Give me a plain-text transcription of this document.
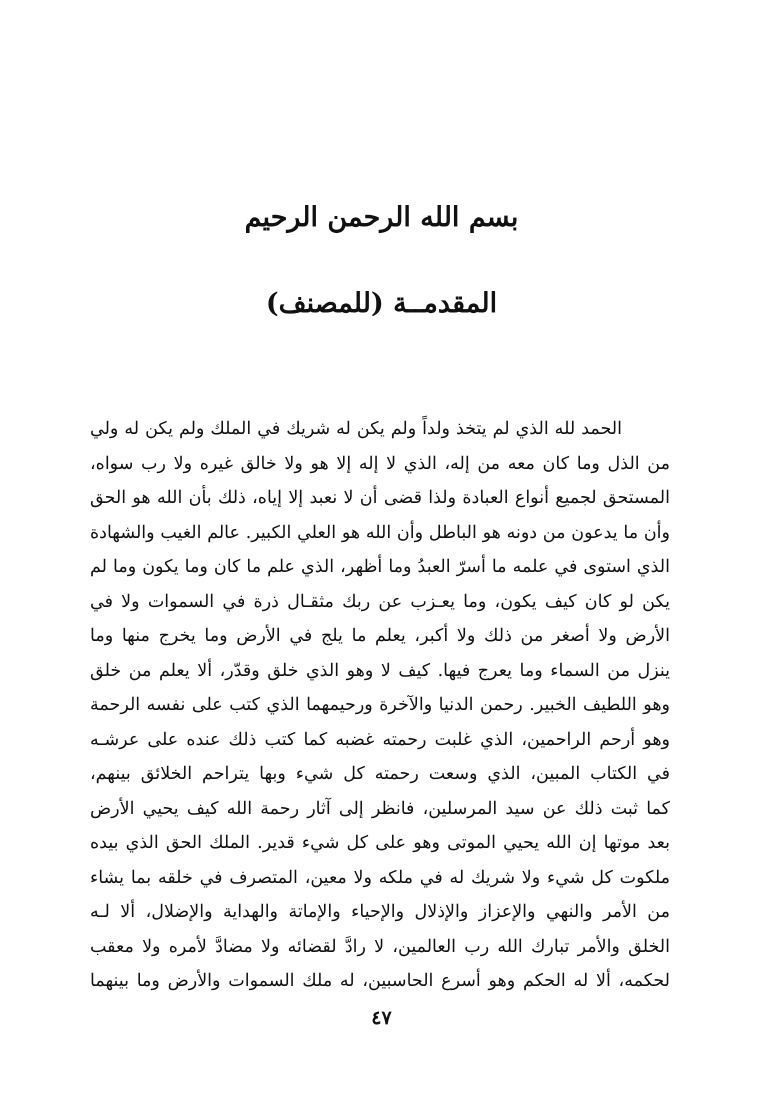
بسم الله الرحمن الرحيم
المقدمــة (للمصنف)
الحمد لله الذي لم يتخذ ولداً ولم يكن له شريك في الملك ولم يكن له ولي
من الذل وما كان معه من إله، الذي لا إله إلا هو ولا خالق غيره ولا رب سواه،
المستحق لجميع أنواع العبادة ولذا قضى أن لا نعبد إلا إياه، ذلك بأن الله هو الحق
وأن ما يدعون من دونه هو الباطل وأن الله هو العلي الكبير. عالم الغيب والشهادة
الذي استوى في علمه ما أسرّ العبدُ وما أظهر، الذي علم ما كان وما يكون وما لم
يكن لو كان كيف يكون، وما يعـزب عن ربك مثقـال ذرة في السموات ولا في
الأرض ولا أصغر من ذلك ولا أكبر، يعلم ما يلج في الأرض وما يخرج منها وما
ينزل من السماء وما يعرج فيها. كيف لا وهو الذي خلق وقدّر، ألا يعلم من خلق
وهو اللطيف الخبير. رحمن الدنيا والآخرة ورحيمهما الذي كتب على نفسه الرحمة
وهو أرحم الراحمين، الذي غلبت رحمته غضبه كما كتب ذلك عنده على عرشـه
في الكتاب المبين، الذي وسعت رحمته كل شيء وبها يتراحم الخلائق بينهم،
كما ثبت ذلك عن سيد المرسلين، فانظر إلى آثار رحمة الله كيف يحيي الأرض
بعد موتها إن الله يحيي الموتى وهو على كل شيء قدير. الملك الحق الذي بيده
ملكوت كل شيء ولا شريك له في ملكه ولا معين، المتصرف في خلقه بما يشاء
من الأمر والنهي والإعزاز والإذلال والإحياء والإماتة والهداية والإضلال، ألا لـه
الخلق والأمر تبارك الله رب العالمين، لا رادَّ لقضائه ولا مضادَّ لأمره ولا معقب
لحكمه، ألا له الحكم وهو أسرع الحاسبين، له ملك السموات والأرض وما بينهما
٤٧
